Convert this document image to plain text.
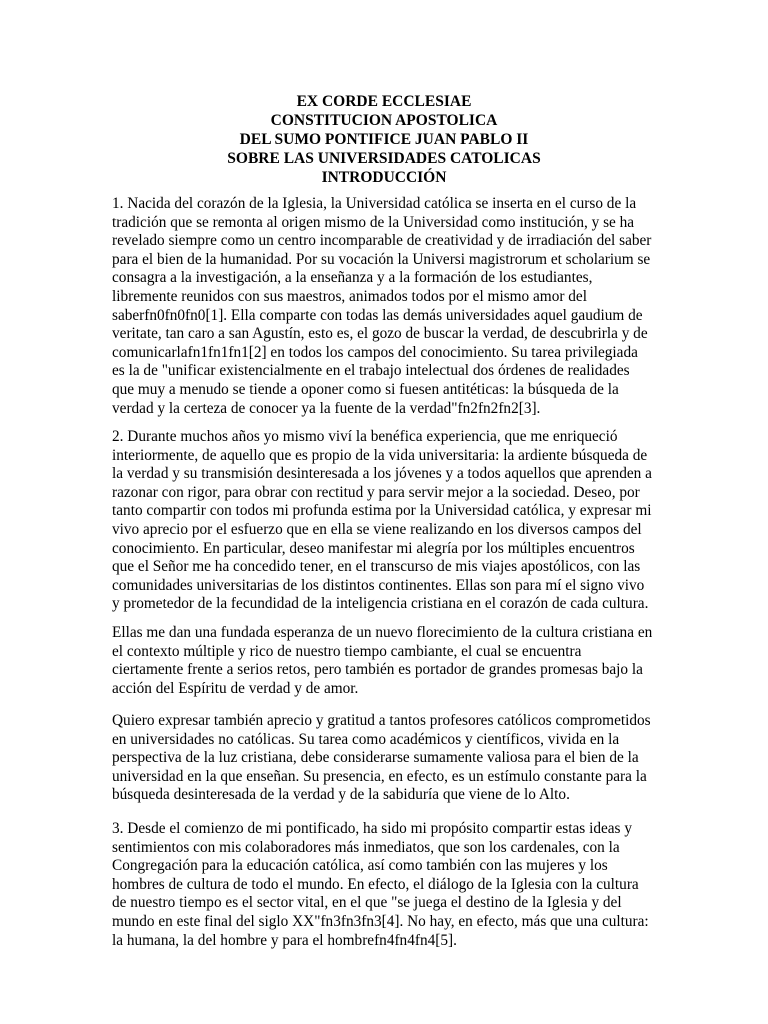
EX CORDE ECCLESIAE
CONSTITUCION APOSTOLICA
DEL SUMO PONTIFICE JUAN PABLO II
SOBRE LAS UNIVERSIDADES CATOLICAS
INTRODUCCIÓN
1. Nacida del corazón de la Iglesia, la Universidad católica se inserta en el curso de la
tradición que se remonta al origen mismo de la Universidad como institución, y se ha
revelado siempre como un centro incomparable de creatividad y de irradiación del saber
para el bien de la humanidad. Por su vocación la Universi magistrorum et scholarium se
consagra a la investigación, a la enseñanza y a la formación de los estudiantes,
libremente reunidos con sus maestros, animados todos por el mismo amor del
saberfn0fn0fn0[1]. Ella comparte con todas las demás universidades aquel gaudium de
veritate, tan caro a san Agustín, esto es, el gozo de buscar la verdad, de descubrirla y de
comunicarlafn1fn1fn1[2] en todos los campos del conocimiento. Su tarea privilegiada
es la de "unificar existencialmente en el trabajo intelectual dos órdenes de realidades
que muy a menudo se tiende a oponer como si fuesen antitéticas: la búsqueda de la
verdad y la certeza de conocer ya la fuente de la verdad"fn2fn2fn2[3].
2. Durante muchos años yo mismo viví la benéfica experiencia, que me enriqueció
interiormente, de aquello que es propio de la vida universitaria: la ardiente búsqueda de
la verdad y su transmisión desinteresada a los jóvenes y a todos aquellos que aprenden a
razonar con rigor, para obrar con rectitud y para servir mejor a la sociedad. Deseo, por
tanto compartir con todos mi profunda estima por la Universidad católica, y expresar mi
vivo aprecio por el esfuerzo que en ella se viene realizando en los diversos campos del
conocimiento. En particular, deseo manifestar mi alegría por los múltiples encuentros
que el Señor me ha concedido tener, en el transcurso de mis viajes apostólicos, con las
comunidades universitarias de los distintos continentes. Ellas son para mí el signo vivo
y prometedor de la fecundidad de la inteligencia cristiana en el corazón de cada cultura.
Ellas me dan una fundada esperanza de un nuevo florecimiento de la cultura cristiana en
el contexto múltiple y rico de nuestro tiempo cambiante, el cual se encuentra
ciertamente frente a serios retos, pero también es portador de grandes promesas bajo la
acción del Espíritu de verdad y de amor.
Quiero expresar también aprecio y gratitud a tantos profesores católicos comprometidos
en universidades no católicas. Su tarea como académicos y científicos, vivida en la
perspectiva de la luz cristiana, debe considerarse sumamente valiosa para el bien de la
universidad en la que enseñan. Su presencia, en efecto, es un estímulo constante para la
búsqueda desinteresada de la verdad y de la sabiduría que viene de lo Alto.
3. Desde el comienzo de mi pontificado, ha sido mi propósito compartir estas ideas y
sentimientos con mis colaboradores más inmediatos, que son los cardenales, con la
Congregación para la educación católica, así como también con las mujeres y los
hombres de cultura de todo el mundo. En efecto, el diálogo de la Iglesia con la cultura
de nuestro tiempo es el sector vital, en el que "se juega el destino de la Iglesia y del
mundo en este final del siglo XX"fn3fn3fn3[4]. No hay, en efecto, más que una cultura:
la humana, la del hombre y para el hombrefn4fn4fn4[5].
